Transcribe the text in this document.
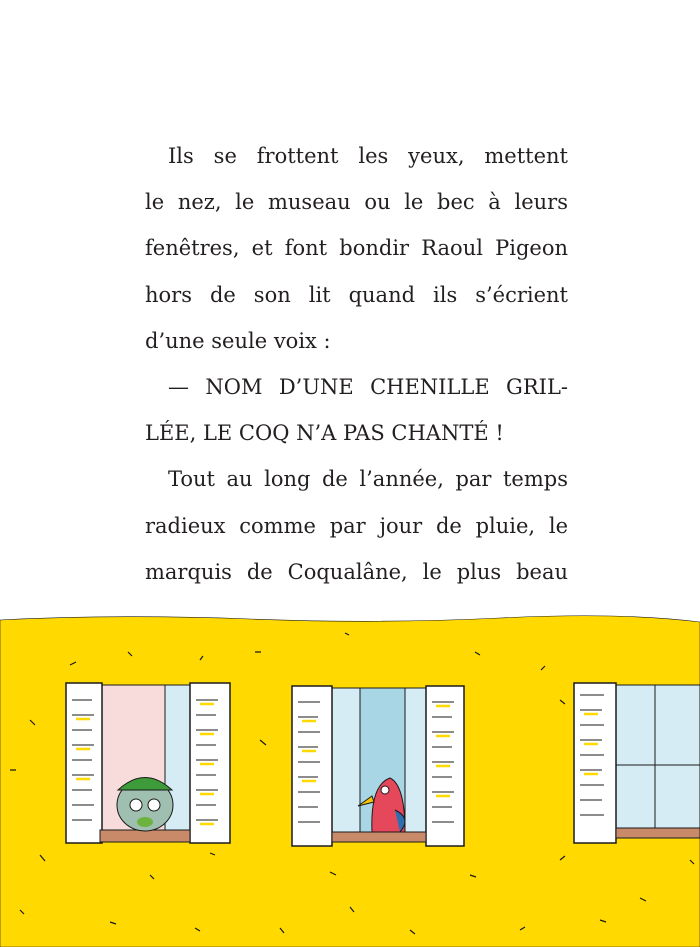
Ils se frottent les yeux, mettent
le nez, le museau ou le bec à leurs
fenêtres, et font bondir Raoul Pigeon
hors de son lit quand ils s’écrient
d’une seule voix :
— NOM D’UNE CHENILLE GRIL-
LÉE, LE COQ N’A PAS CHANTÉ !
Tout au long de l’année, par temps
radieux comme par jour de pluie, le
marquis de Coqualâne, le plus beau
